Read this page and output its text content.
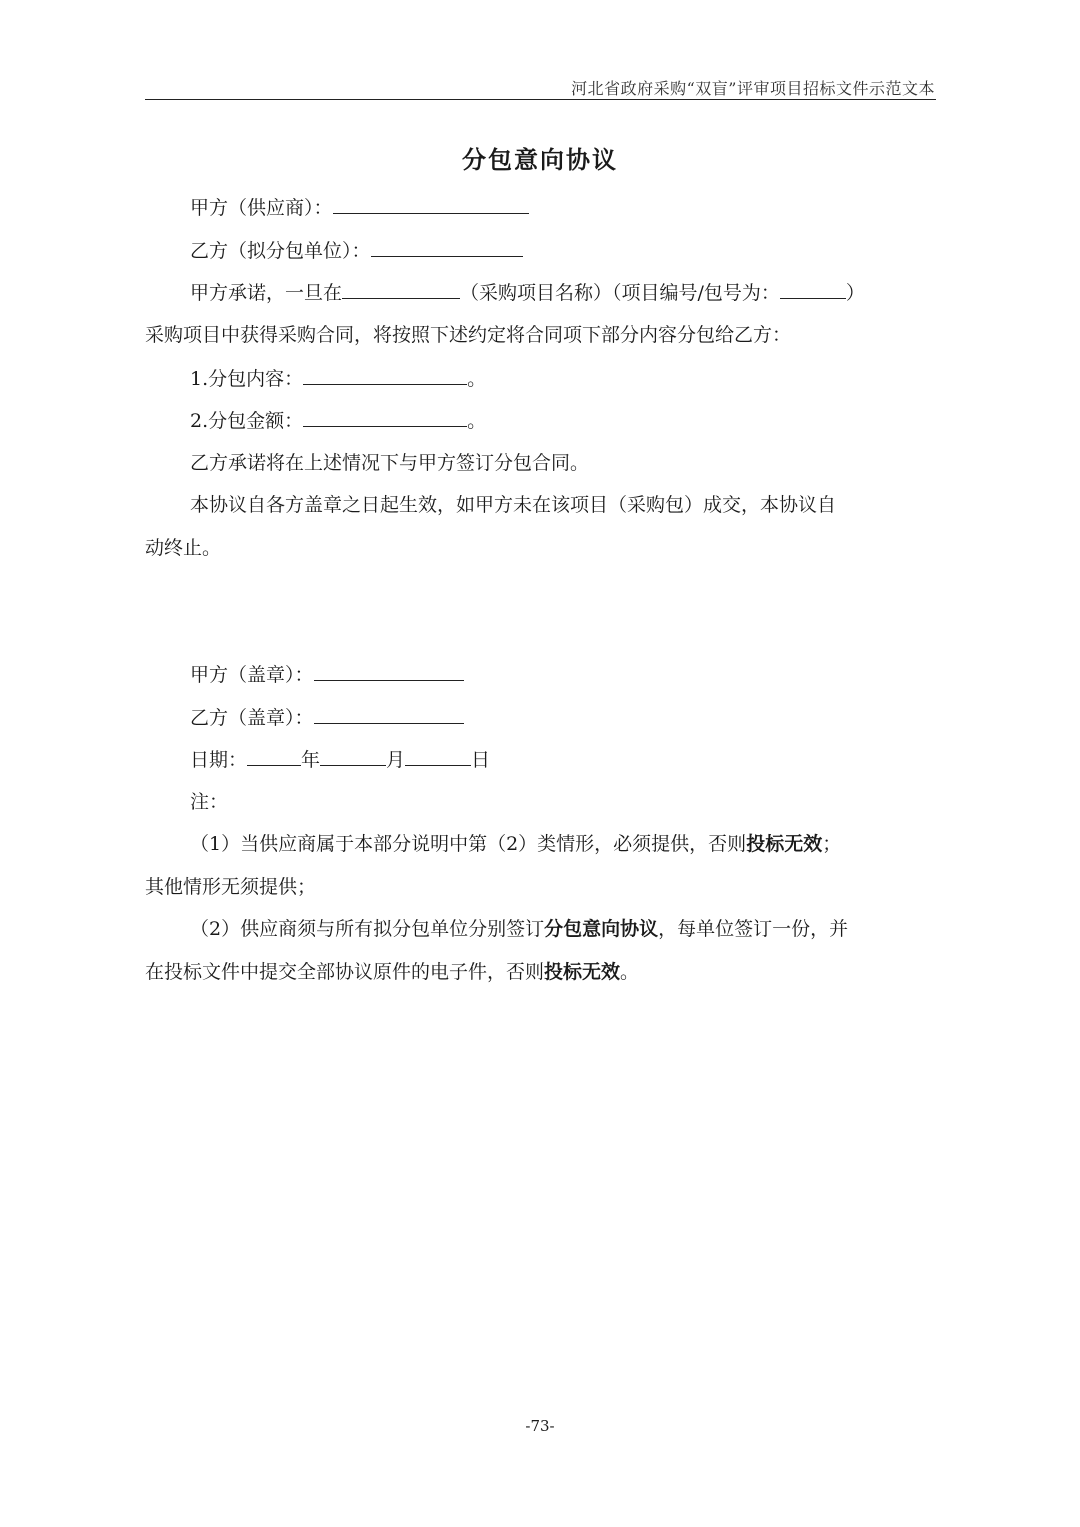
河北省政府采购“双盲”评审项目招标文件示范文本
分包意向协议
甲方（供应商）：
乙方（拟分包单位）：
甲方承诺，一旦在	（采购项目名称）（项目编号/包号为：	）
采购项目中获得采购合同，将按照下述约定将合同项下部分内容分包给乙方：
1.分包内容：	。
2.分包金额：	。
乙方承诺将在上述情况下与甲方签订分包合同。
本协议自各方盖章之日起生效，如甲方未在该项目（采购包）成交，本协议自
动终止。
甲方（盖章）：
乙方（盖章）：
日期：	年	月	日
注：
（1）当供应商属于本部分说明中第（2）类情形，必须提供，否则投标无效；
其他情形无须提供；
（2）供应商须与所有拟分包单位分别签订分包意向协议，每单位签订一份，并
在投标文件中提交全部协议原件的电子件，否则投标无效。
-73-
